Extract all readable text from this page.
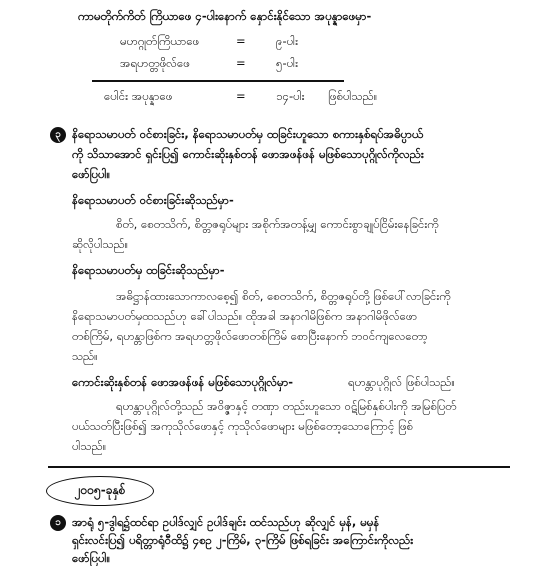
ကာမတိုက်ကိတ် ကြိယာဖေ ၄-ပါးနောက် နှောင်းနိုင်သော အပုန္နာဖေမှာ-
မဟဂ္ဂုတ်ကြိယာဖေ	=	၉-ပါး
အရဟတ္တဖိုလ်ဖေ	=	၅-ပါး
ပေါင်း အပုန္နာဖေ	=	၁၄-ပါး ဖြစ်ပါသည်။
၃ နိရောသမာပတ် ဝင်စားခြင်း, နိရောသမာပတ်မှ ထခြင်းဟူသော စကားနှစ်ရပ်အဓိပ္ပာယ်
ကို သိသာအောင် ရှင်းပြ၍ ကောင်းဆိုးနှစ်တန် ဖောအဖန်ဖန် မဖြစ်သောပုဂ္ဂိုလ်ကိုလည်း
ဖော်ပြပါ။
နိရောသမာပတ် ဝင်စားခြင်းဆိုသည်မှာ-
စိတ်, စေတသိက်, စိတ္တဇရုပ်များ အစိုက်အတန့်မျှ ကောင်းစွာချုပ်ငြိမ်းနေခြင်းကို
ဆိုလိုပါသည်။
နိရောသမာပတ်မှ ထခြင်းဆိုသည်မှာ-
အဓိဋ္ဌာန်ထားသောကာလစေ့၍ စိတ်, စေတသိက်, စိတ္တဇရုပ်တို့ ဖြစ်ပေါ်လာခြင်းကို
နိရောသမာပတ်မှထသည်ဟု ခေါ်ပါသည်။ ထိုအခါ အနာဂါမိဖြစ်က အနာဂါမိဖိုလ်ဖော
တစ်ကြိမ်, ရဟန္တာဖြစ်က အရဟတ္တဖိုလ်ဖောတစ်ကြိမ် စောပြီးနောက် ဘဝင်ကျလေတော့
သည်။
ကောင်းဆိုးနှစ်တန် ဖောအဖန်ဖန် မဖြစ်သောပုဂ္ဂိုလ်မှာ-	ရဟန္တာပုဂ္ဂိုလ် ဖြစ်ပါသည်။
ရဟန္တာပုဂ္ဂိုလ်တို့သည် အဝိဇ္ဇာနှင့် တဏှာ တည်းဟူသော ဝဋ်မြစ်နှစ်ပါးကို အမြစ်ပြတ်
ပယ်သတ်ပြီးဖြစ်၍ အကုသိုလ်ဖောနှင့် ကုသိုလ်ဖောများ မဖြစ်တော့သောကြောင့် ဖြစ်
ပါသည်။
၂၀၀၅-ခုနှစ်
၁ အာရုံ ၅-ဒွါရ၌ထင်ရာ ဥပါဒ်လျှင် ဥပါဒ်ချင်း ထင်သည်ဟု ဆိုလျှင် မှန်, မမှန်
ရှင်းလင်းပြ၍ ပရိတ္တာရုံဝီထိ၌ ၄စဥ ၂-ကြိမ်, ၃-ကြိမ် ဖြစ်ရခြင်း အကြောင်းကိုလည်း
ဖော်ပြပါ။
